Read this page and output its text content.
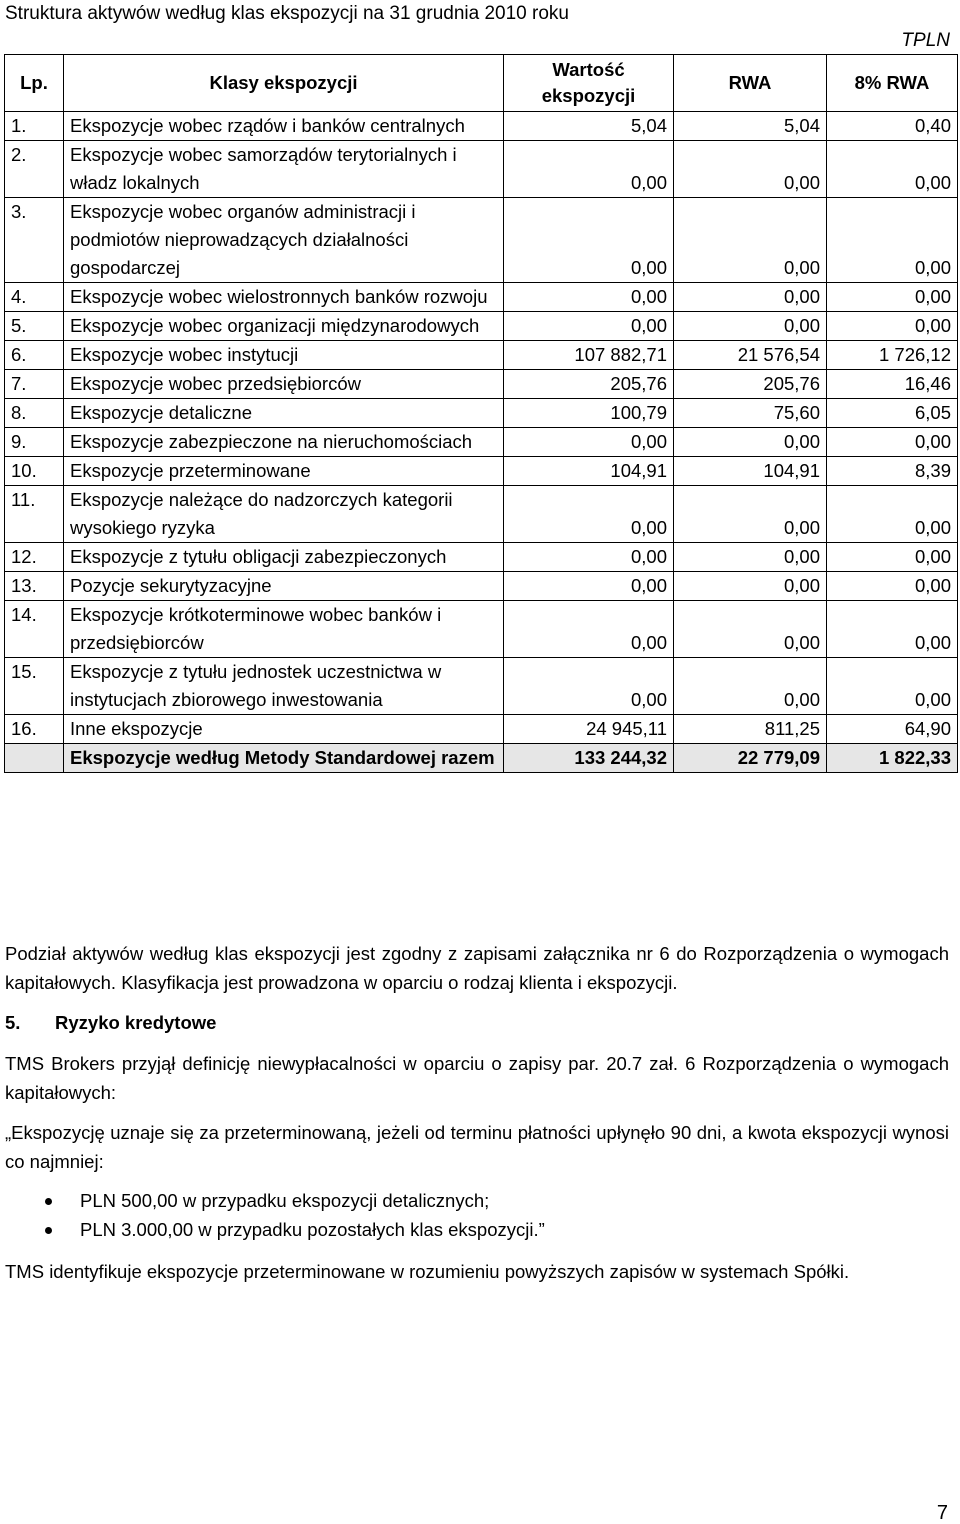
Struktura aktywów według klas ekspozycji na 31 grudnia 2010 roku
TPLN
Lp.	Klasy ekspozycji	Wartość ekspozycji	RWA	8% RWA
1.	Ekspozycje wobec rządów i banków centralnych	5,04	5,04	0,40
2.	Ekspozycje wobec samorządów terytorialnych i władz lokalnych	0,00	0,00	0,00
3.	Ekspozycje wobec organów administracji i podmiotów nieprowadzących działalności gospodarczej	0,00	0,00	0,00
4.	Ekspozycje wobec wielostronnych banków rozwoju	0,00	0,00	0,00
5.	Ekspozycje wobec organizacji międzynarodowych	0,00	0,00	0,00
6.	Ekspozycje wobec instytucji	107 882,71	21 576,54	1 726,12
7.	Ekspozycje wobec przedsiębiorców	205,76	205,76	16,46
8.	Ekspozycje detaliczne	100,79	75,60	6,05
9.	Ekspozycje zabezpieczone na nieruchomościach	0,00	0,00	0,00
10.	Ekspozycje przeterminowane	104,91	104,91	8,39
11.	Ekspozycje należące do nadzorczych kategorii wysokiego ryzyka	0,00	0,00	0,00
12.	Ekspozycje z tytułu obligacji zabezpieczonych	0,00	0,00	0,00
13.	Pozycje sekurytyzacyjne	0,00	0,00	0,00
14.	Ekspozycje krótkoterminowe wobec banków i przedsiębiorców	0,00	0,00	0,00
15.	Ekspozycje z tytułu jednostek uczestnictwa w instytucjach zbiorowego inwestowania	0,00	0,00	0,00
16.	Inne ekspozycje	24 945,11	811,25	64,90
	Ekspozycje według Metody Standardowej razem	133 244,32	22 779,09	1 822,33
Podział aktywów według klas ekspozycji jest zgodny z zapisami załącznika nr 6 do Rozporządzenia o wymogach kapitałowych. Klasyfikacja jest prowadzona w oparciu o rodzaj klienta i ekspozycji.
5. Ryzyko kredytowe
TMS Brokers przyjął definicję niewypłacalności w oparciu o zapisy par. 20.7 zał. 6 Rozporządzenia o wymogach kapitałowych:
„Ekspozycję uznaje się za przeterminowaną, jeżeli od terminu płatności upłynęło 90 dni, a kwota ekspozycji wynosi co najmniej:
PLN 500,00 w przypadku ekspozycji detalicznych;
PLN 3.000,00 w przypadku pozostałych klas ekspozycji.”
TMS identyfikuje ekspozycje przeterminowane w rozumieniu powyższych zapisów w systemach Spółki.
7
